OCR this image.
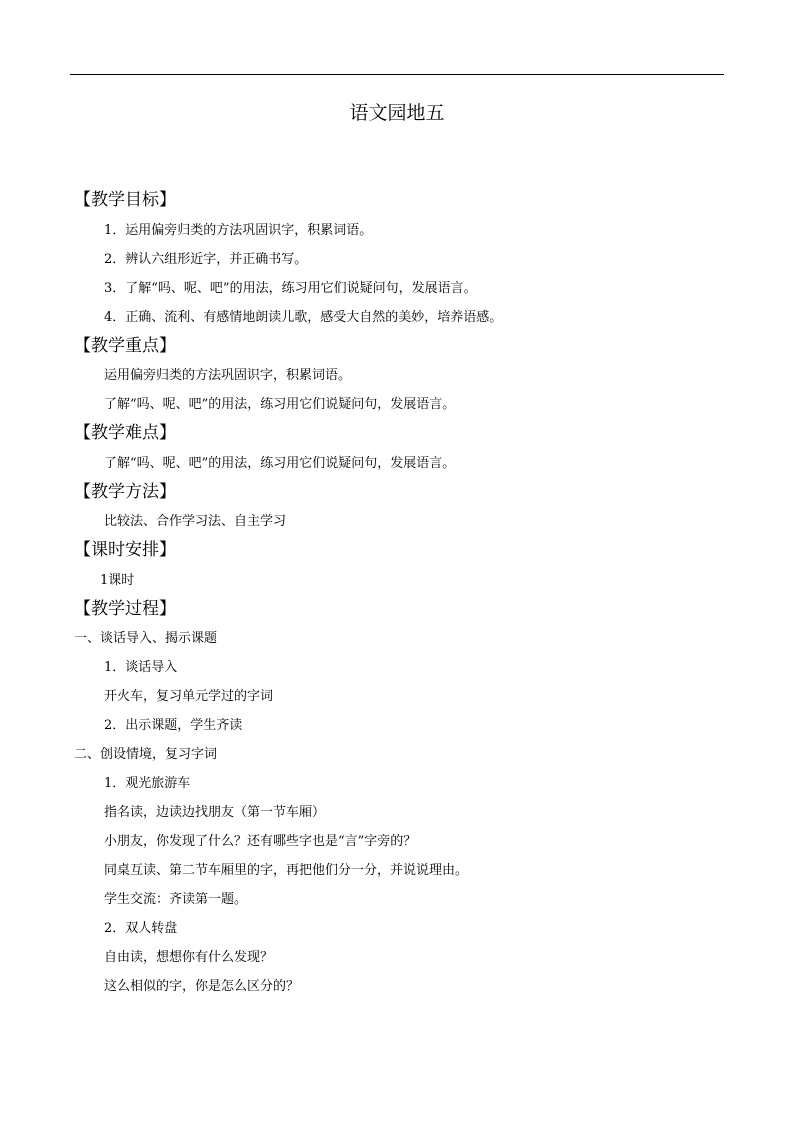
语文园地五
【教学目标】
1．运用偏旁归类的方法巩固识字，积累词语。
2．辨认六组形近字，并正确书写。
3．了解“吗、呢、吧”的用法，练习用它们说疑问句，发展语言。
4．正确、流利、有感情地朗读儿歌，感受大自然的美妙，培养语感。
【教学重点】
运用偏旁归类的方法巩固识字，积累词语。
了解“吗、呢、吧”的用法，练习用它们说疑问句，发展语言。
【教学难点】
了解“吗、呢、吧”的用法，练习用它们说疑问句，发展语言。
【教学方法】
比较法、合作学习法、自主学习
【课时安排】
1课时
【教学过程】
一、谈话导入、揭示课题
1．谈话导入
开火车，复习单元学过的字词
2．出示课题，学生齐读
二、创设情境，复习字词
1．观光旅游车
指名读，边读边找朋友（第一节车厢）
小朋友，你发现了什么？还有哪些字也是“言”字旁的？
同桌互读、第二节车厢里的字，再把他们分一分，并说说理由。
学生交流：齐读第一题。
2．双人转盘
自由读，想想你有什么发现？
这么相似的字，你是怎么区分的？
